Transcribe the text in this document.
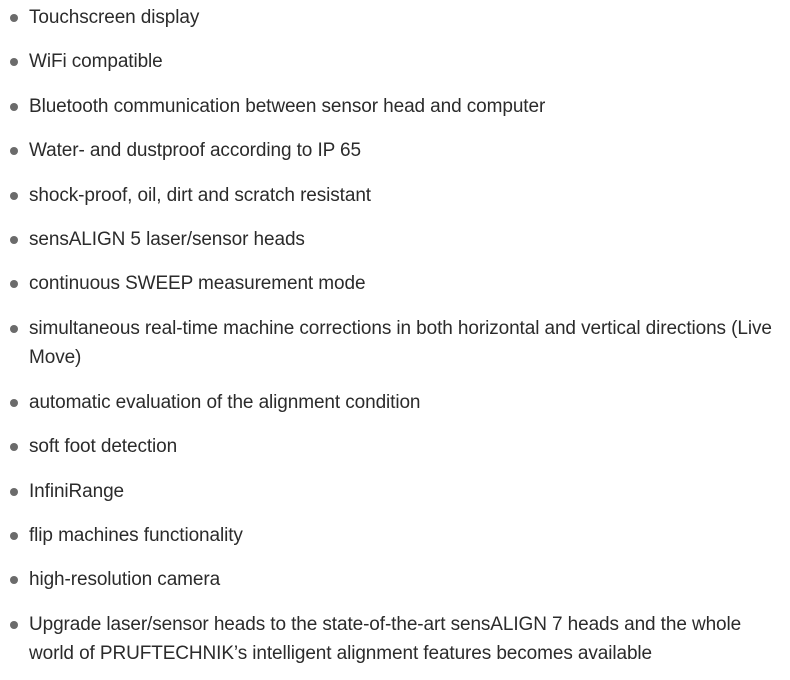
Touchscreen display
WiFi compatible
Bluetooth communication between sensor head and computer
Water- and dustproof according to IP 65
shock-proof, oil, dirt and scratch resistant
sensALIGN 5 laser/sensor heads
continuous SWEEP measurement mode
simultaneous real-time machine corrections in both horizontal and vertical directions (Live Move)
automatic evaluation of the alignment condition
soft foot detection
InfiniRange
flip machines functionality
high-resolution camera
Upgrade laser/sensor heads to the state-of-the-art sensALIGN 7 heads and the whole world of PRUFTECHNIK’s intelligent alignment features becomes available
